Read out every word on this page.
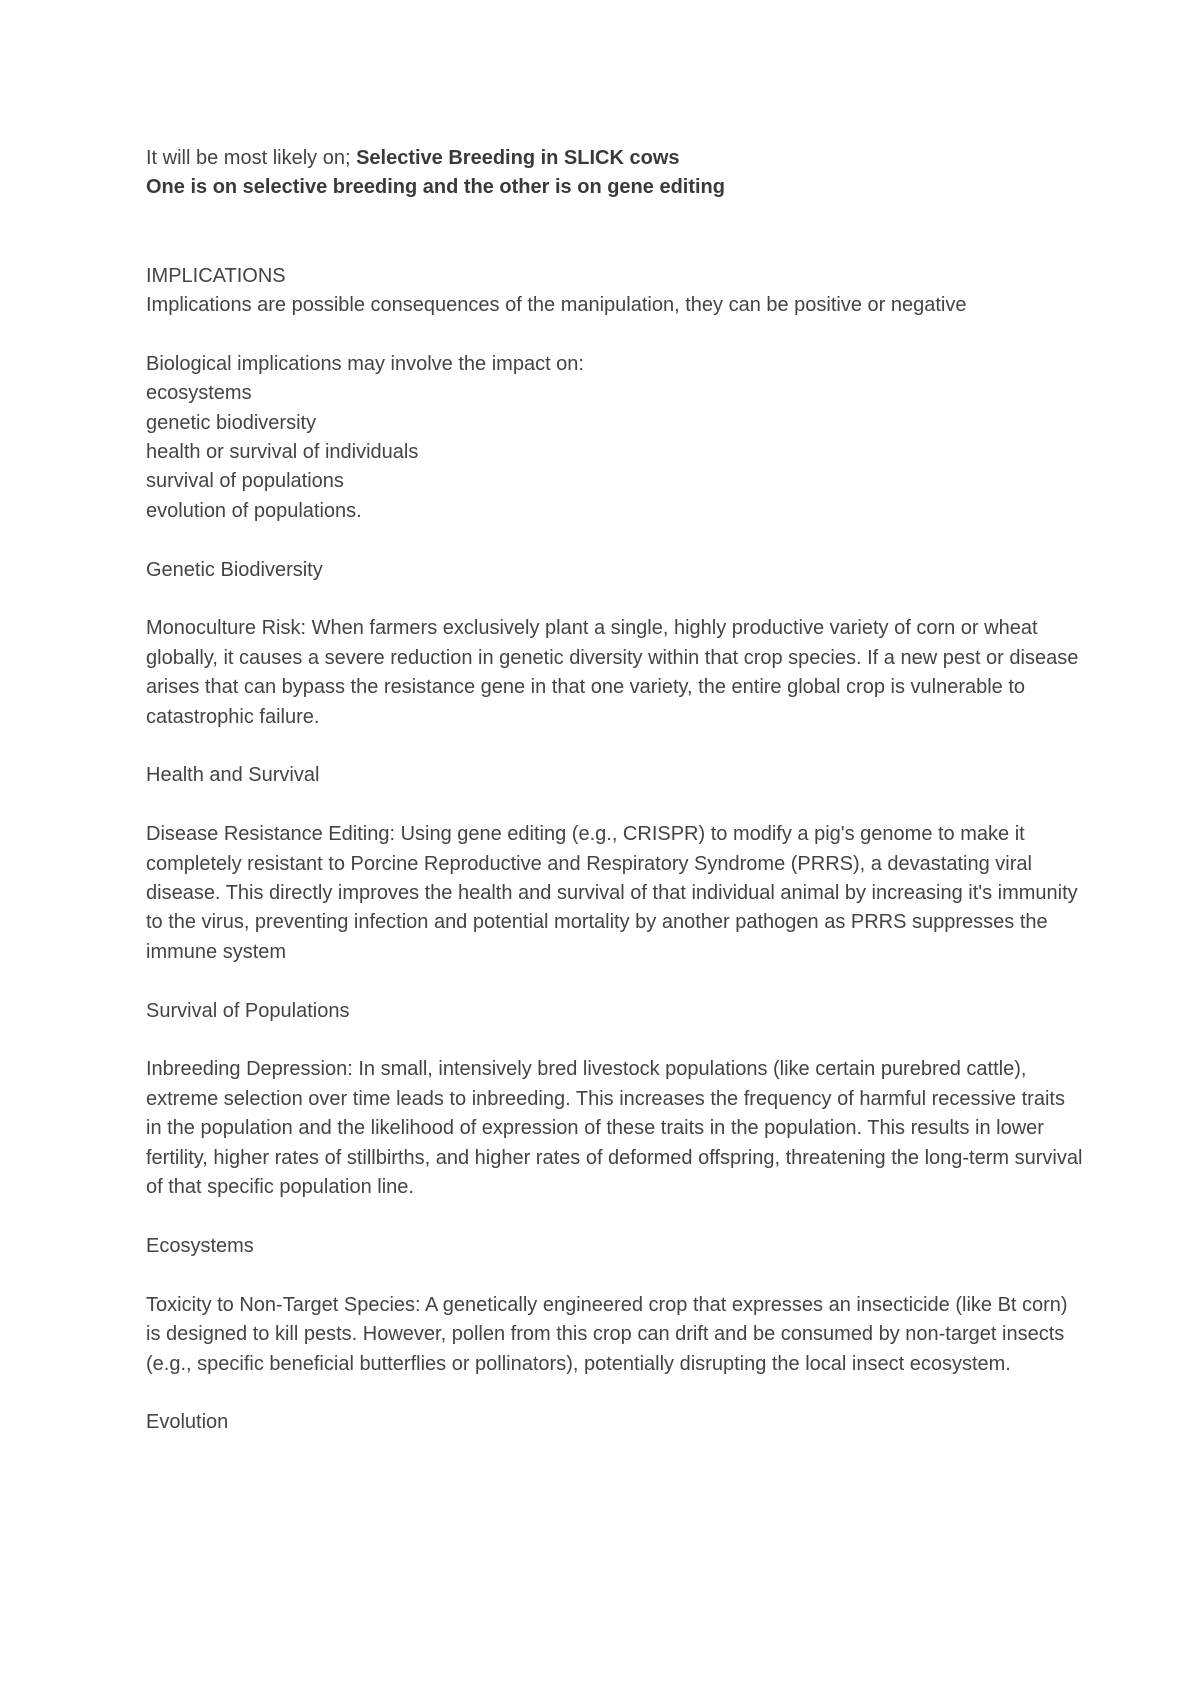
It will be most likely on; Selective Breeding in SLICK cows

One is on selective breeding and the other is on gene editing

IMPLICATIONS

Implications are possible consequences of the manipulation, they can be positive or negative

Biological implications may involve the impact on:

ecosystems

genetic biodiversity

health or survival of individuals

survival of populations

evolution of populations.

Genetic Biodiversity

Monoculture Risk: When farmers exclusively plant a single, highly productive variety of corn or wheat globally, it causes a severe reduction in genetic diversity within that crop species. If a new pest or disease arises that can bypass the resistance gene in that one variety, the entire global crop is vulnerable to catastrophic failure.

Health and Survival

Disease Resistance Editing: Using gene editing (e.g., CRISPR) to modify a pig's genome to make it completely resistant to Porcine Reproductive and Respiratory Syndrome (PRRS), a devastating viral disease. This directly improves the health and survival of that individual animal by increasing it's immunity to the virus, preventing infection and potential mortality by another pathogen as PRRS suppresses the immune system

Survival of Populations

Inbreeding Depression: In small, intensively bred livestock populations (like certain purebred cattle), extreme selection over time leads to inbreeding. This increases the frequency of harmful recessive traits in the population and the likelihood of expression of these traits in the population. This results in lower fertility, higher rates of stillbirths, and higher rates of deformed offspring, threatening the long-term survival of that specific population line.

Ecosystems

Toxicity to Non-Target Species: A genetically engineered crop that expresses an insecticide (like Bt corn) is designed to kill pests. However, pollen from this crop can drift and be consumed by non-target insects (e.g., specific beneficial butterflies or pollinators), potentially disrupting the local insect ecosystem.

Evolution
